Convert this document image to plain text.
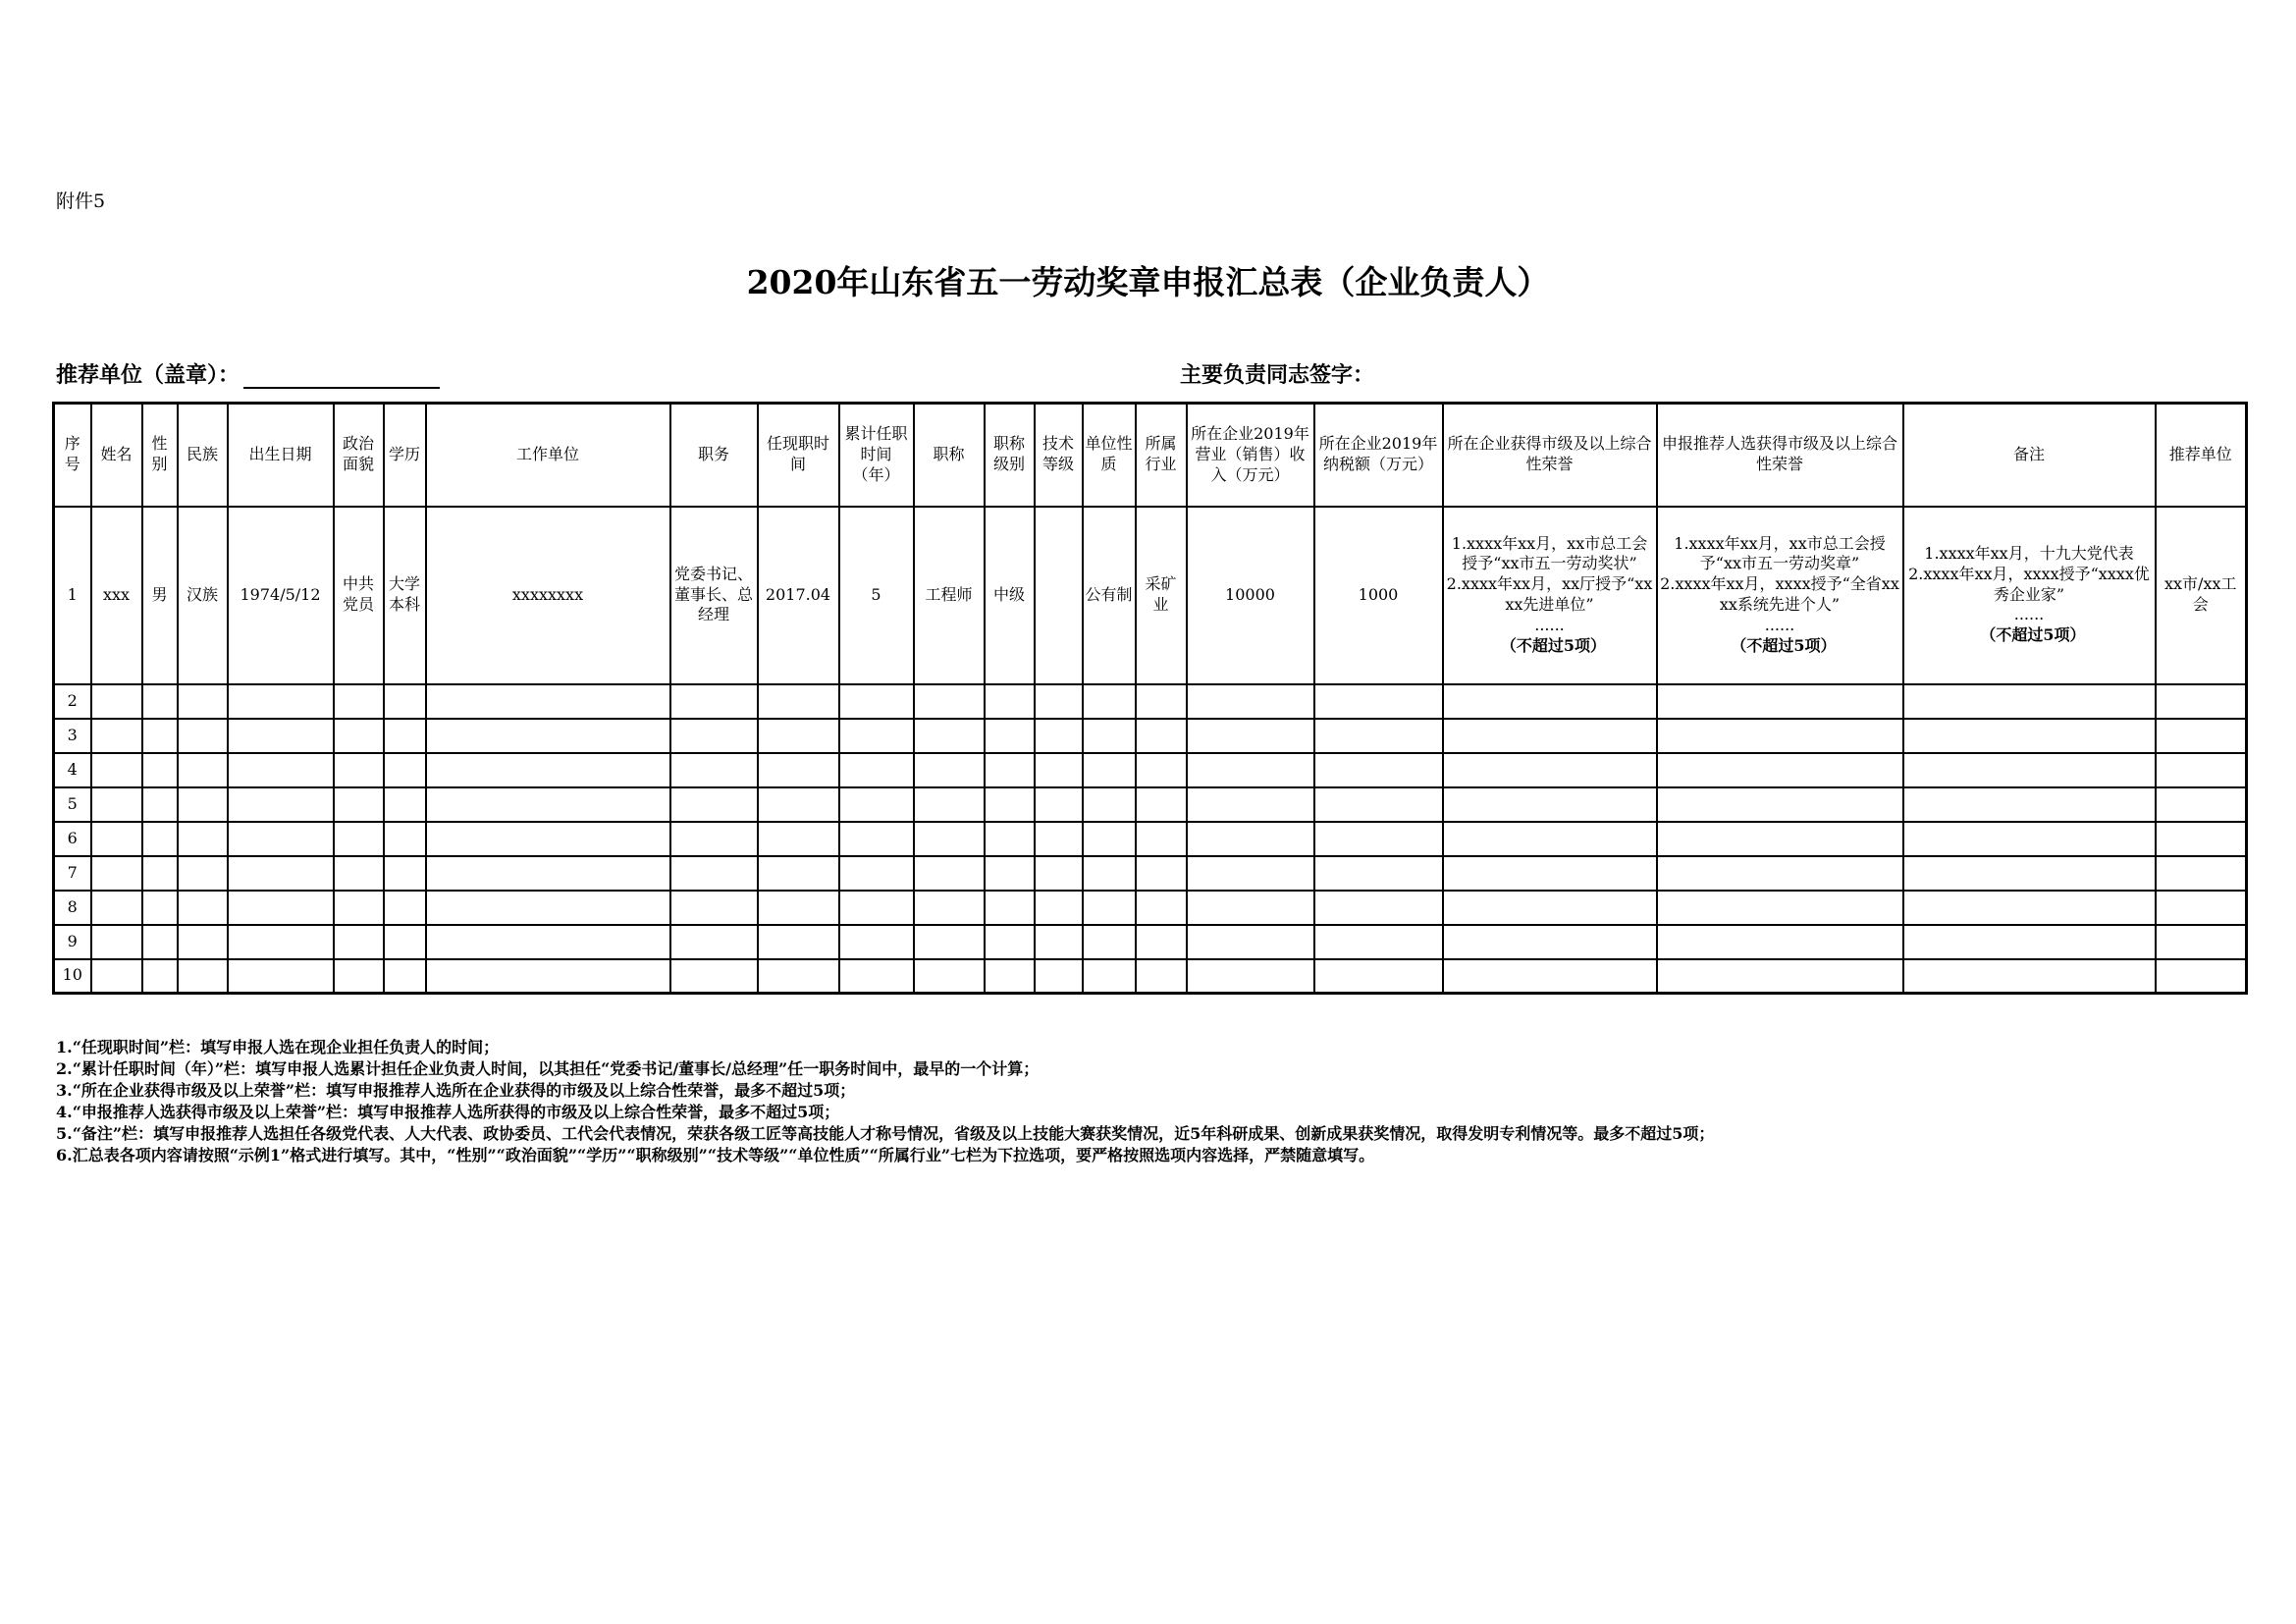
附件5
2020年山东省五一劳动奖章申报汇总表（企业负责人）
推荐单位（盖章）：	主要负责同志签字：
序号	姓名	性别	民族	出生日期	政治面貌	学历	工作单位	职务	任现职时间	累计任职时间（年）	职称	职称级别	技术等级	单位性质	所属行业	所在企业2019年营业（销售）收入（万元）	所在企业2019年纳税额（万元）	所在企业获得市级及以上综合性荣誉	申报推荐人选获得市级及以上综合性荣誉	备注	推荐单位
1	xxx	男	汉族	1974/5/12	中共党员	大学本科	xxxxxxxx	党委书记、董事长、总经理	2017.04	5	工程师	中级		公有制	采矿业	10000	1000	1.xxxx年xx月，xx市总工会授予“xx市五一劳动奖状”
2.xxxx年xx月，xx厅授予“xxxx先进单位”
......
（不超过5项）	1.xxxx年xx月，xx市总工会授予“xx市五一劳动奖章”
2.xxxx年xx月，xxxx授予“全省xxxx系统先进个人”
......
（不超过5项）	1.xxxx年xx月，十九大党代表
2.xxxx年xx月，xxxx授予“xxxx优秀企业家”
......
（不超过5项）	xx市/xx工会
2																					
3																					
4																					
5																					
6																					
7																					
8																					
9																					
10																					
1.“任现职时间”栏：填写申报人选在现企业担任负责人的时间；
2.“累计任职时间（年）”栏：填写申报人选累计担任企业负责人时间，以其担任“党委书记/董事长/总经理”任一职务时间中，最早的一个计算；
3.“所在企业获得市级及以上荣誉”栏：填写申报推荐人选所在企业获得的市级及以上综合性荣誉，最多不超过5项；
4.“申报推荐人选获得市级及以上荣誉”栏：填写申报推荐人选所获得的市级及以上综合性荣誉，最多不超过5项；
5.“备注”栏：填写申报推荐人选担任各级党代表、人大代表、政协委员、工代会代表情况，荣获各级工匠等高技能人才称号情况，省级及以上技能大赛获奖情况，近5年科研成果、创新成果获奖情况，取得发明专利情况等。最多不超过5项；
6.汇总表各项内容请按照“示例1”格式进行填写。其中，“性别”“政治面貌”“学历”“职称级别”“技术等级”“单位性质”“所属行业”七栏为下拉选项，要严格按照选项内容选择，严禁随意填写。
